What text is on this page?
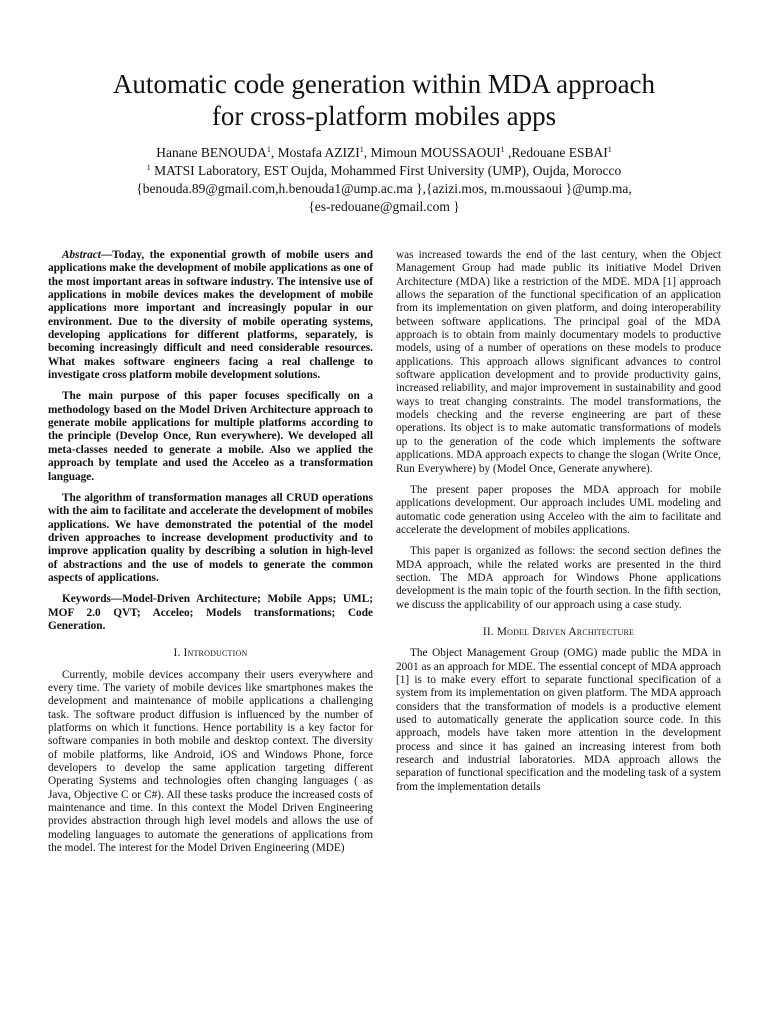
Automatic code generation within MDA approach
for cross-platform mobiles apps

Hanane BENOUDA$^1$, Mostafa AZIZI$^1$, Mimoun MOUSSAOUI$^1$ ,Redouane ESBAI$^1$

$^1$ MATSI Laboratory, EST Oujda, Mohammed First University (UMP), Oujda, Morocco

{benouda.89@gmail.com,h.benouda1@ump.ac.ma },{azizi.mos, m.moussaoui }@ump.ma,

{es-redouane@gmail.com }

Abstract—Today, the exponential growth of mobile users and applications make the development of mobile applications as one of the most important areas in software industry. The intensive use of applications in mobile devices makes the development of mobile applications more important and increasingly popular in our environment. Due to the diversity of mobile operating systems, developing applications for different platforms, separately, is becoming increasingly difficult and need considerable resources. What makes software engineers facing a real challenge to investigate cross platform mobile development solutions.

The main purpose of this paper focuses specifically on a methodology based on the Model Driven Architecture approach to generate mobile applications for multiple platforms according to the principle (Develop Once, Run everywhere). We developed all meta-classes needed to generate a mobile. Also we applied the approach by template and used the Acceleo as a transformation language.

The algorithm of transformation manages all CRUD operations with the aim to facilitate and accelerate the development of mobiles applications. We have demonstrated the potential of the model driven approaches to increase development productivity and to improve application quality by describing a solution in high-level of abstractions and the use of models to generate the common aspects of applications.

Keywords—Model-Driven Architecture; Mobile Apps; UML; MOF 2.0 QVT; Acceleo; Models transformations; Code Generation.

I. Introduction

Currently, mobile devices accompany their users everywhere and every time. The variety of mobile devices like smartphones makes the development and maintenance of mobile applications a challenging task. The software product diffusion is influenced by the number of platforms on which it functions. Hence portability is a key factor for software companies in both mobile and desktop context. The diversity of mobile platforms, like Android, iOS and Windows Phone, force developers to develop the same application targeting different Operating Systems and technologies often changing languages ( as Java, Objective C or C#). All these tasks produce the increased costs of maintenance and time. In this context the Model Driven Engineering provides abstraction through high level models and allows the use of modeling languages to automate the generations of applications from the model. The interest for the Model Driven Engineering (MDE)

was increased towards the end of the last century, when the Object Management Group had made public its initiative Model Driven Architecture (MDA) like a restriction of the MDE. MDA [1] approach allows the separation of the functional specification of an application from its implementation on given platform, and doing interoperability between software applications. The principal goal of the MDA approach is to obtain from mainly documentary models to productive models, using of a number of operations on these models to produce applications. This approach allows significant advances to control software application development and to provide productivity gains, increased reliability, and major improvement in sustainability and good ways to treat changing constraints. The model transformations, the models checking and the reverse engineering are part of these operations. Its object is to make automatic transformations of models up to the generation of the code which implements the software applications. MDA approach expects to change the slogan (Write Once, Run Everywhere) by (Model Once, Generate anywhere).

The present paper proposes the MDA approach for mobile applications development. Our approach includes UML modeling and automatic code generation using Acceleo with the aim to facilitate and accelerate the development of mobiles applications.

This paper is organized as follows: the second section defines the MDA approach, while the related works are presented in the third section. The MDA approach for Windows Phone applications development is the main topic of the fourth section. In the fifth section, we discuss the applicability of our approach using a case study.

II. Model Driven Architecture

The Object Management Group (OMG) made public the MDA in 2001 as an approach for MDE. The essential concept of MDA approach [1] is to make every effort to separate functional specification of a system from its implementation on given platform. The MDA approach considers that the transformation of models is a productive element used to automatically generate the application source code. In this approach, models have taken more attention in the development process and since it has gained an increasing interest from both research and industrial laboratories. MDA approach allows the separation of functional specification and the modeling task of a system from the implementation details
